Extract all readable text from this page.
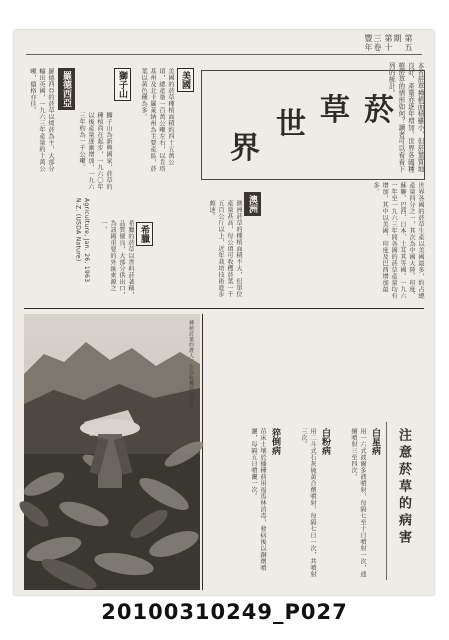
第五期
第十三卷
豐年
本省菸草種植面積雖小，但菸葉質地良好，產量亦逐年增加。世界各國種植菸草的情形如何？讀者可以看看下列的統計。
菸
草
世
界
世界各國的菸草生產以美國最多，約占總產量四分之一，其次為中國大陸、印度、蘇聯、巴西、日本、土耳其等國。一九六一年至一九六三年間各國的菸草產量均有增加，其中以美國、印度及巴西增加最多。
美國
美國的菸草種植面積約四十五萬公頃，總產量一百萬公噸左右，以肯塔基州及北卡羅萊納州為主要產區，菸葉以黃色種為多。
獅子山
獅子山為新興國家，菸草的種植尚在起步，一九六〇年以後產量逐漸增加，一九六三年約為一千公噸。
羅德西亞
羅德西亞的菸草以烤菸為主，大部分輸出英國，一九六三年產量約十萬公噸，價格亦佳。
澳洲
澳洲菸草的種植面積不大，但單位產量甚高，每公頃可收穫菸葉一千五百公斤以上，近年栽培技術進步頗速。
希臘
希臘的菸草以香料菸著稱，品質優良，大部分供出口，為該國重要的外匯來源之一。
Agriculture, Jan. 26, 1963 N.Z. (USDA Nature)
種植菸葉的農人，右為收穫前的菸草
注意菸草的病害
白星病
用一六式波爾多液噴射，每隔七至十日噴射一次，連續噴射三至四次。
白粉病
用二斗式石灰硫黃合劑噴射，每隔七日一次，共噴射三次。
猝倒病
苗床土壤於播種前用福馬林消毒，發病後以銅劑噴灑，每隔五日噴灑一次。
20100310249_P027
